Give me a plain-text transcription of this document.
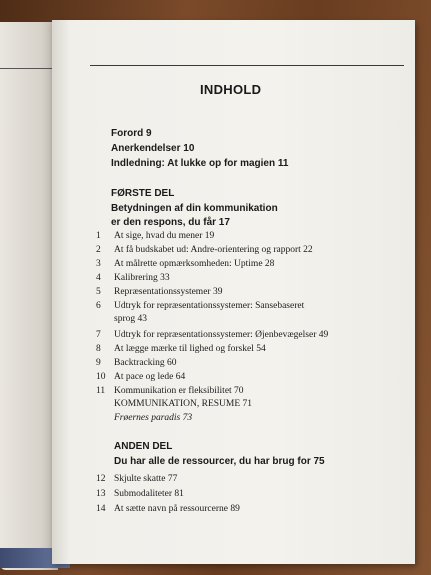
INDHOLD
Forord 9
Anerkendelser 10
Indledning: At lukke op for magien 11
FØRSTE DEL
Betydningen af din kommunikation
er den respons, du får 17
1 At sige, hvad du mener 19
2 At få budskabet ud: Andre-orientering og rapport 22
3 At målrette opmærksomheden: Uptime 28
4 Kalibrering 33
5 Repræsentationssystemer 39
6 Udtryk for repræsentationssystemer: Sansebaseret
sprog 43
7 Udtryk for repræsentationssystemer: Øjenbevægelser 49
8 At lægge mærke til lighed og forskel 54
9 Backtracking 60
10 At pace og lede 64
11 Kommunikation er fleksibilitet 70
KOMMUNIKATION, RESUME 71
Frøernes paradis 73
ANDEN DEL
Du har alle de ressourcer, du har brug for 75
12 Skjulte skatte 77
13 Submodaliteter 81
14 At sætte navn på ressourcerne 89
